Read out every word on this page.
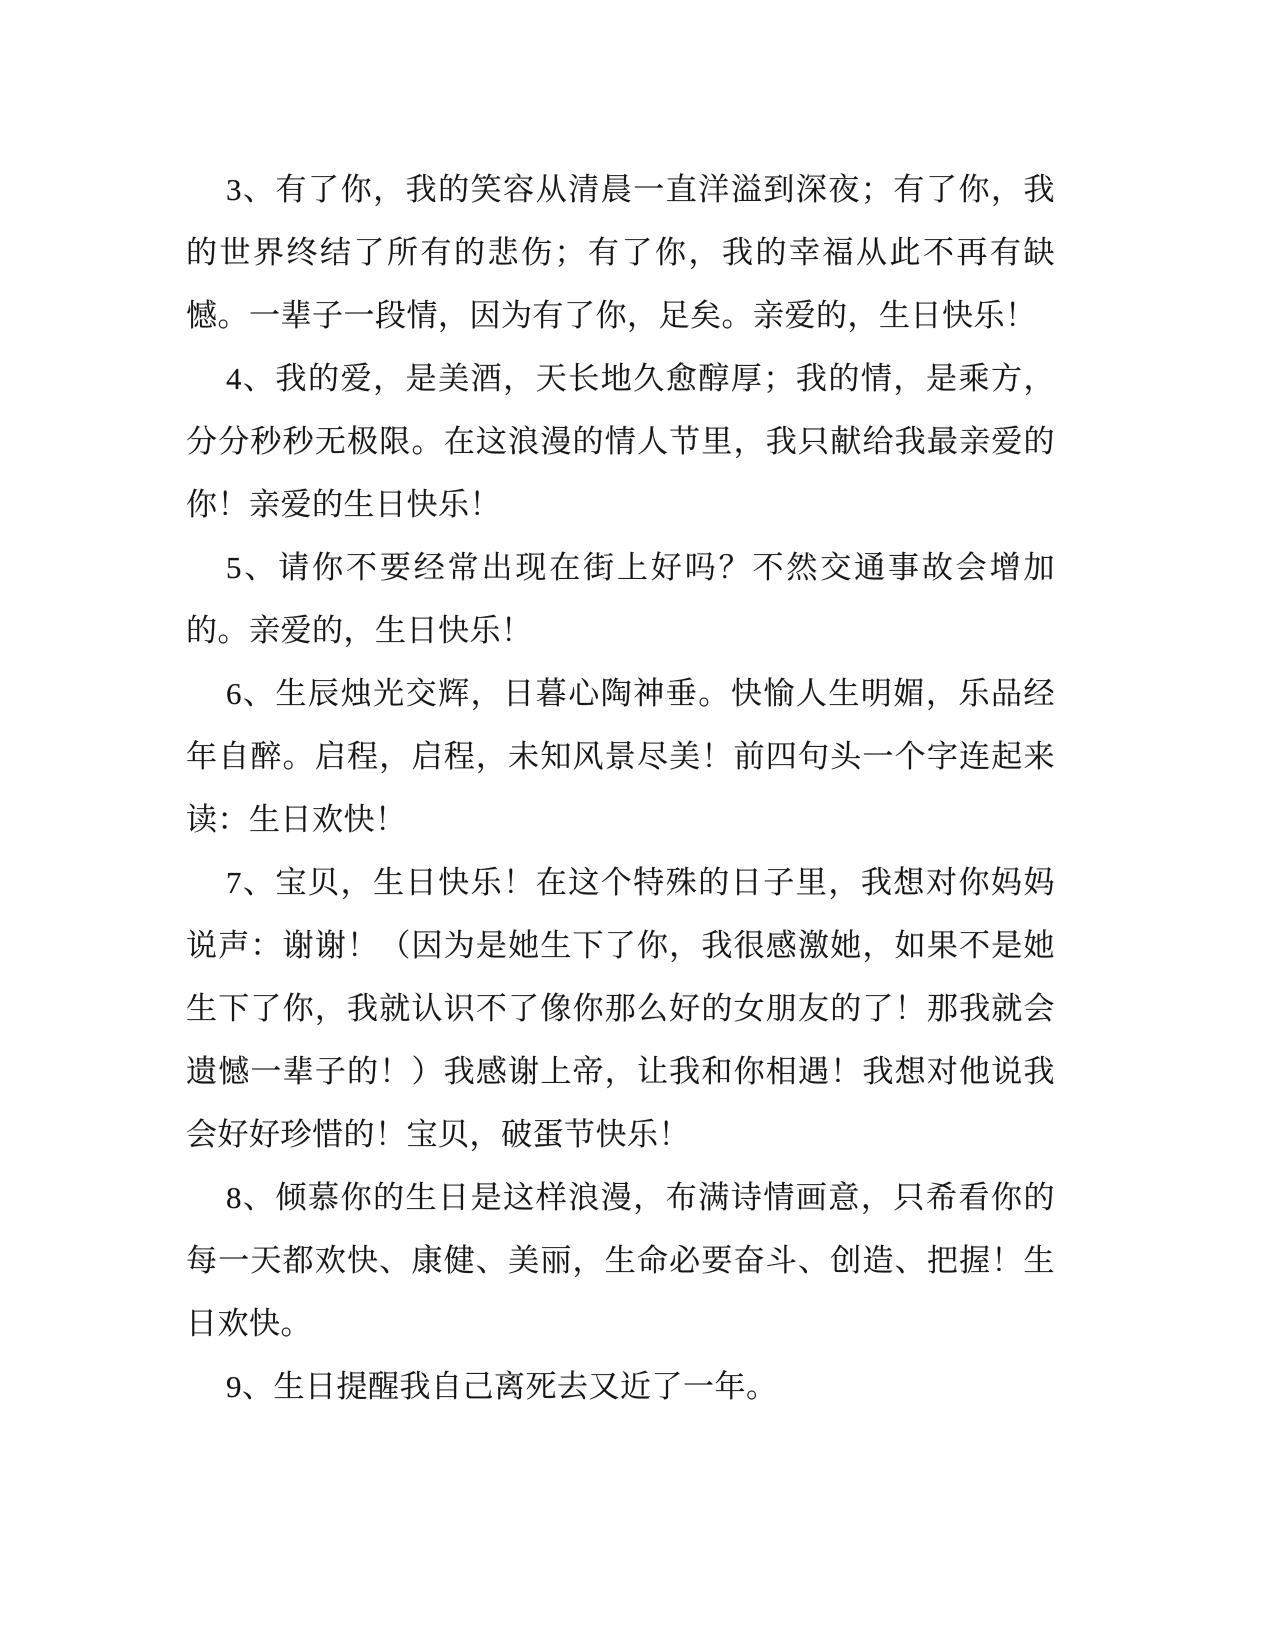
3、有了你，我的笑容从清晨一直洋溢到深夜；有了你，我的世界终结了所有的悲伤；有了你，我的幸福从此不再有缺憾。一辈子一段情，因为有了你，足矣。亲爱的，生日快乐！

4、我的爱，是美酒，天长地久愈醇厚；我的情，是乘方，分分秒秒无极限。在这浪漫的情人节里，我只献给我最亲爱的你！亲爱的生日快乐！

5、请你不要经常出现在街上好吗？不然交通事故会增加的。亲爱的，生日快乐！

6、生辰烛光交辉，日暮心陶神垂。快愉人生明媚，乐品经年自醉。启程，启程，未知风景尽美！前四句头一个字连起来读：生日欢快！

7、宝贝，生日快乐！在这个特殊的日子里，我想对你妈妈说声：谢谢！（因为是她生下了你，我很感激她，如果不是她生下了你，我就认识不了像你那么好的女朋友的了！那我就会遗憾一辈子的！）我感谢上帝，让我和你相遇！我想对他说我会好好珍惜的！宝贝，破蛋节快乐！

8、倾慕你的生日是这样浪漫，布满诗情画意，只希看你的每一天都欢快、康健、美丽，生命必要奋斗、创造、把握！生日欢快。

9、生日提醒我自己离死去又近了一年。
